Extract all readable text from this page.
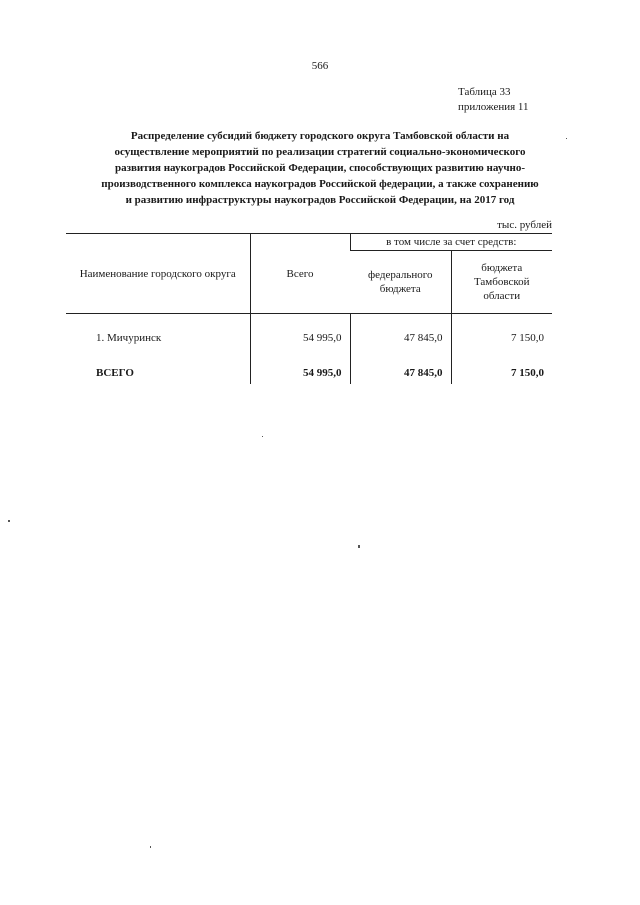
566
Таблица 33
приложения 11
Распределение субсидий бюджету городского округа Тамбовской области на
осуществление мероприятий по реализации стратегий социально-экономического
развития наукоградов Российской Федерации, способствующих развитию научно-
производственного комплекса наукоградов Российской федерации, а также сохранению
и развитию инфраструктуры наукоградов Российской Федерации, на 2017 год
тыс. рублей
Наименование городского округа	Всего	в том числе за счет средств:	
		федерального бюджета	бюджета Тамбовской области

1. Мичуринск	54 995,0	47 845,0	7 150,0

ВСЕГО	54 995,0	47 845,0	7 150,0
